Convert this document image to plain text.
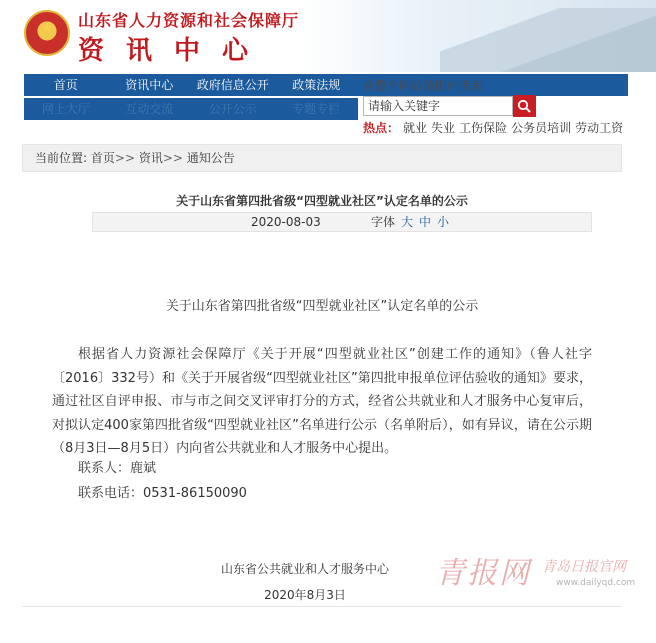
★ 山东省人力资源和社会保障厅
资讯中心
首页	资讯中心	政府信息公开	政策法规
网上大厅	互动交流	公开公示	专题专栏
在整个网站范围内搜索
请输入关键字
热点： 就业 失业 工伤保险 公务员培训 劳动工资
当前位置: 首页>> 资讯>> 通知公告
关于山东省第四批省级“四型就业社区”认定名单的公示
2020-08-03	字体 大 中 小
关于山东省第四批省级“四型就业社区”认定名单的公示
根据省人力资源社会保障厅《关于开展“四型就业社区”创建工作的通知》（鲁人社字〔2016〕332号）和《关于开展省级“四型就业社区”第四批申报单位评估验收的通知》要求，通过社区自评申报、市与市之间交叉评审打分的方式，经省公共就业和人才服务中心复审后，对拟认定400家第四批省级“四型就业社区”名单进行公示（名单附后），如有异议，请在公示期（8月3日—8月5日）内向省公共就业和人才服务中心提出。
联系人：鹿斌
联系电话：0531-86150090
山东省公共就业和人才服务中心
2020年8月3日
青报网 青岛日报官网
www.dailyqd.com
